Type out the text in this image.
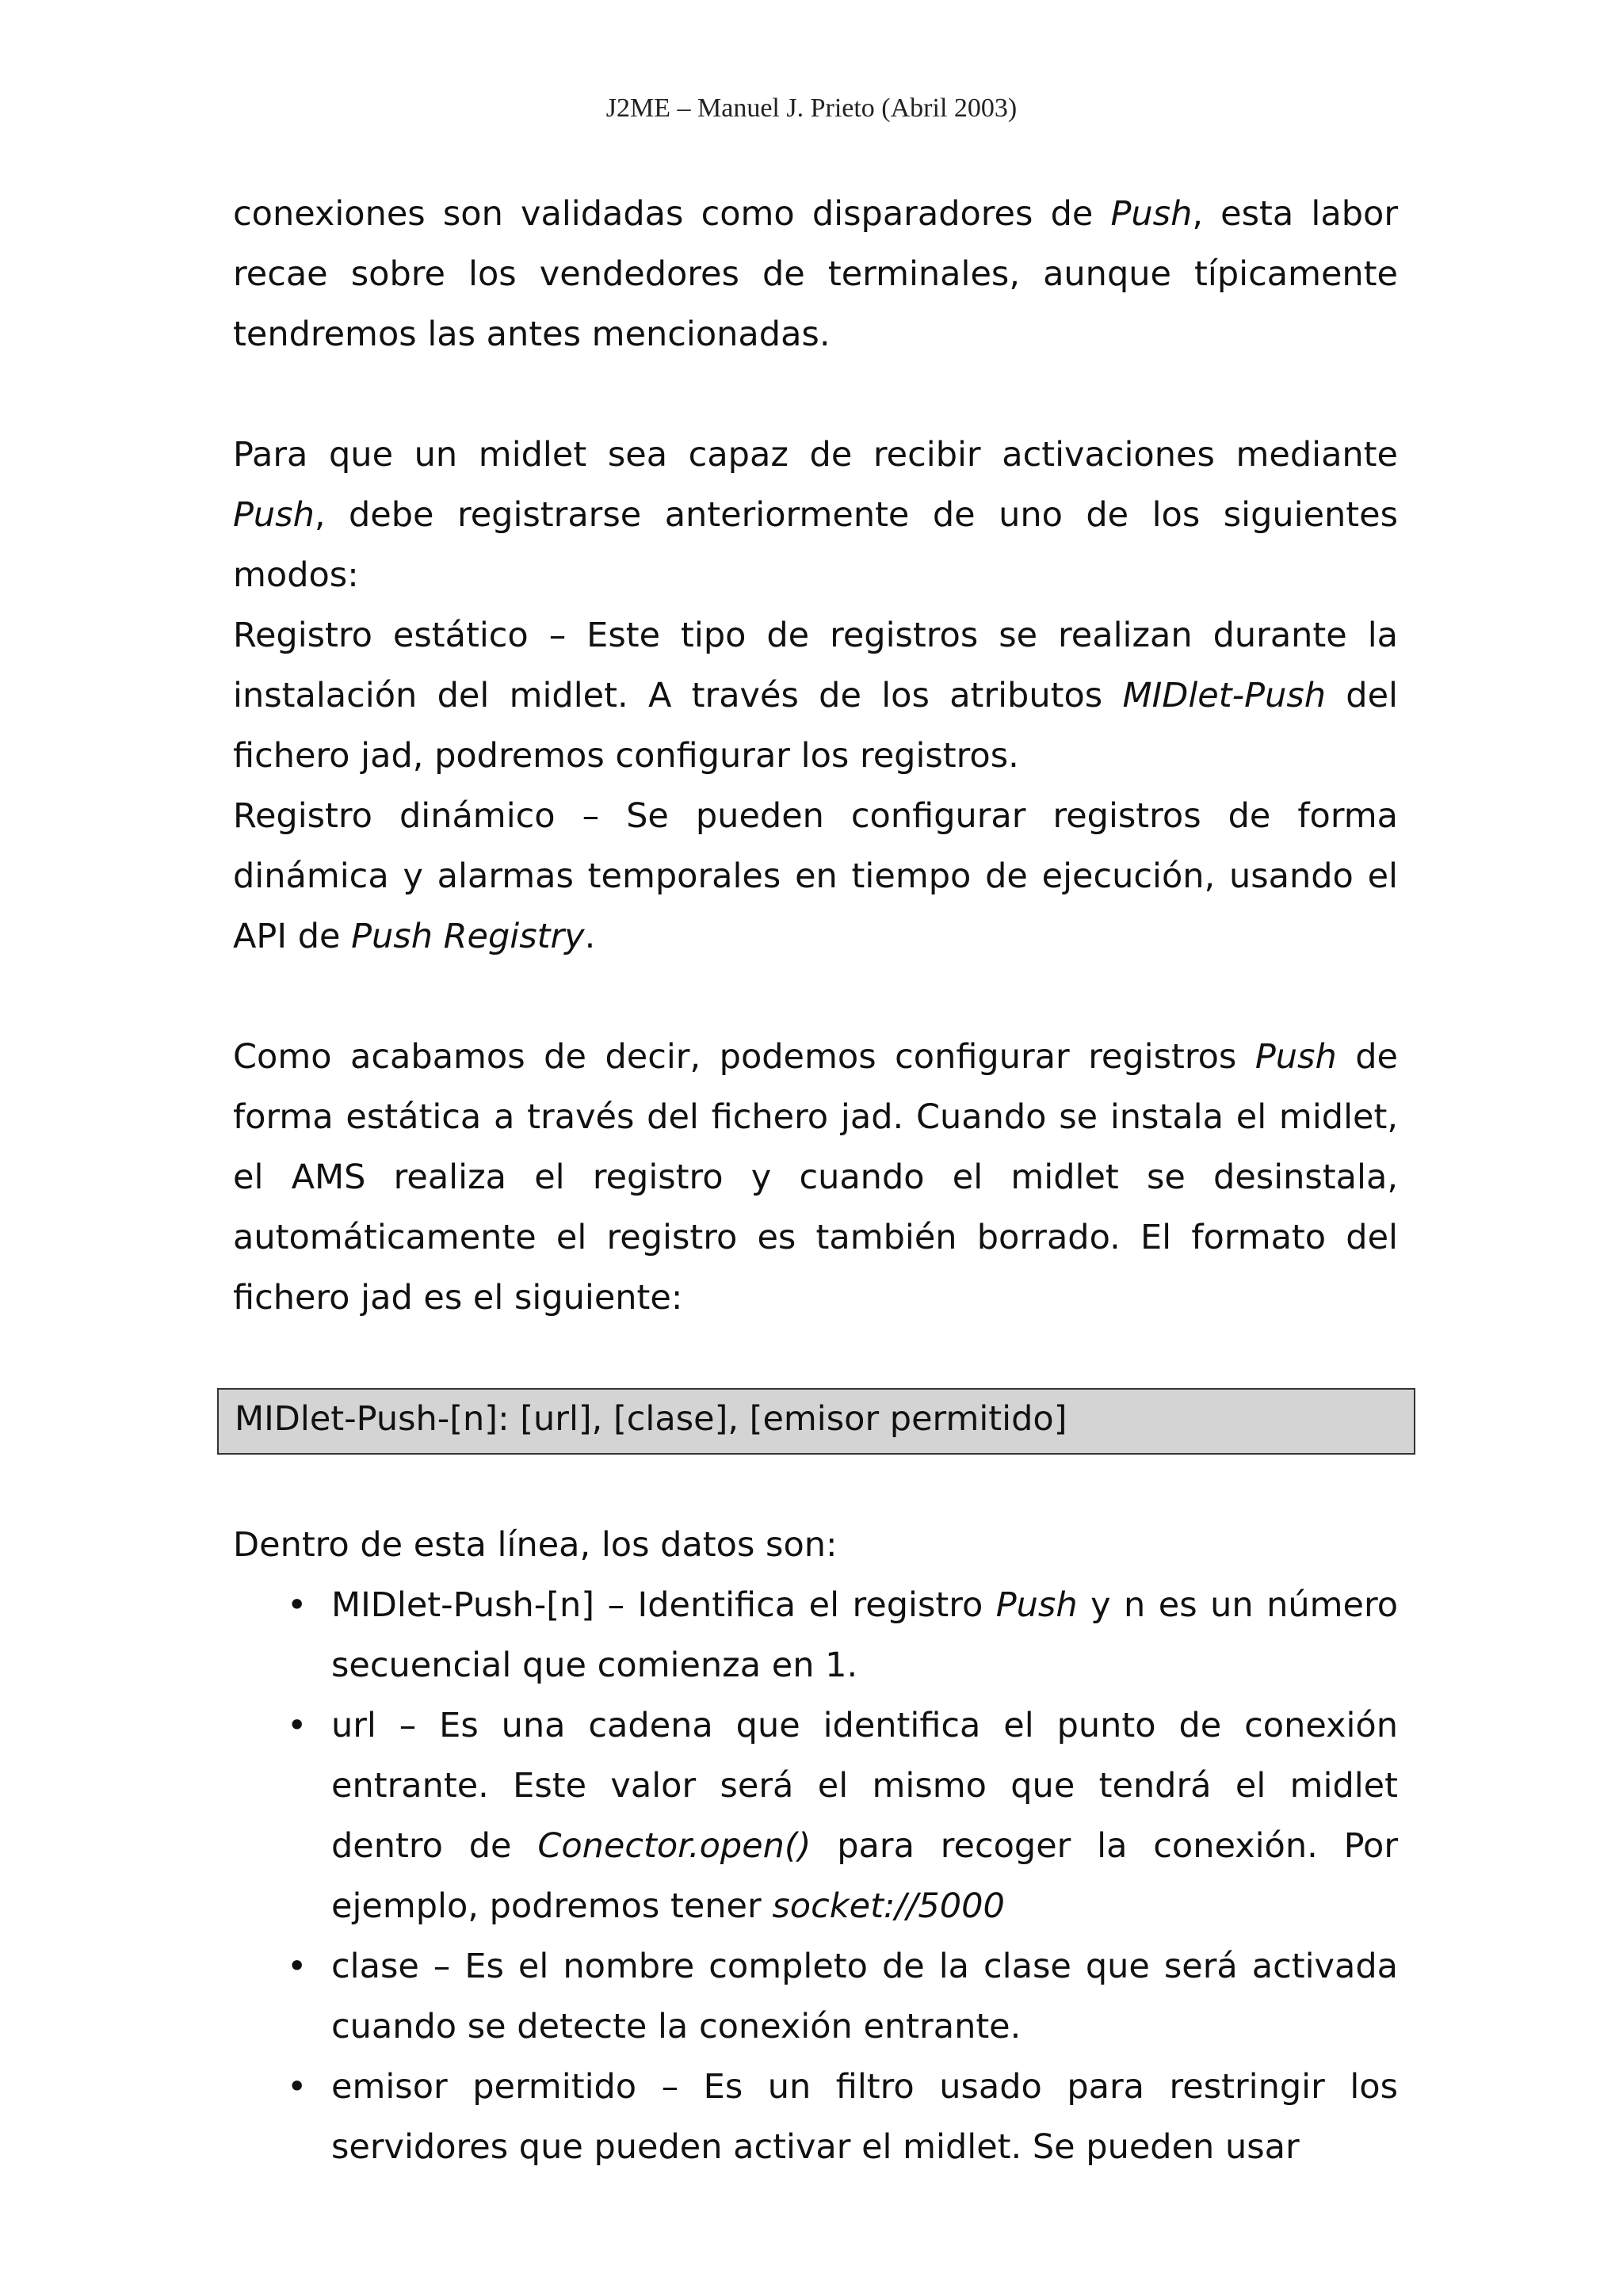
J2ME – Manuel J. Prieto (Abril 2003)

conexiones son validadas como disparadores de Push, esta labor recae sobre los vendedores de terminales, aunque típicamente tendremos las antes mencionadas.

Para que un midlet sea capaz de recibir activaciones mediante Push, debe registrarse anteriormente de uno de los siguientes modos:

Registro estático – Este tipo de registros se realizan durante la instalación del midlet. A través de los atributos MIDlet-Push del fichero jad, podremos configurar los registros.

Registro dinámico – Se pueden configurar registros de forma dinámica y alarmas temporales en tiempo de ejecución, usando el API de Push Registry.

Como acabamos de decir, podemos configurar registros Push de forma estática a través del fichero jad. Cuando se instala el midlet, el AMS realiza el registro y cuando el midlet se desinstala, automáticamente el registro es también borrado. El formato del fichero jad es el siguiente:

MIDlet-Push-[n]: [url], [clase], [emisor permitido]

Dentro de esta línea, los datos son:

• MIDlet-Push-[n] – Identifica el registro Push y n es un número secuencial que comienza en 1.
• url – Es una cadena que identifica el punto de conexión entrante. Este valor será el mismo que tendrá el midlet dentro de Conector.open() para recoger la conexión. Por ejemplo, podremos tener socket://5000
• clase – Es el nombre completo de la clase que será activada cuando se detecte la conexión entrante.
• emisor permitido – Es un filtro usado para restringir los servidores que pueden activar el midlet. Se pueden usar
